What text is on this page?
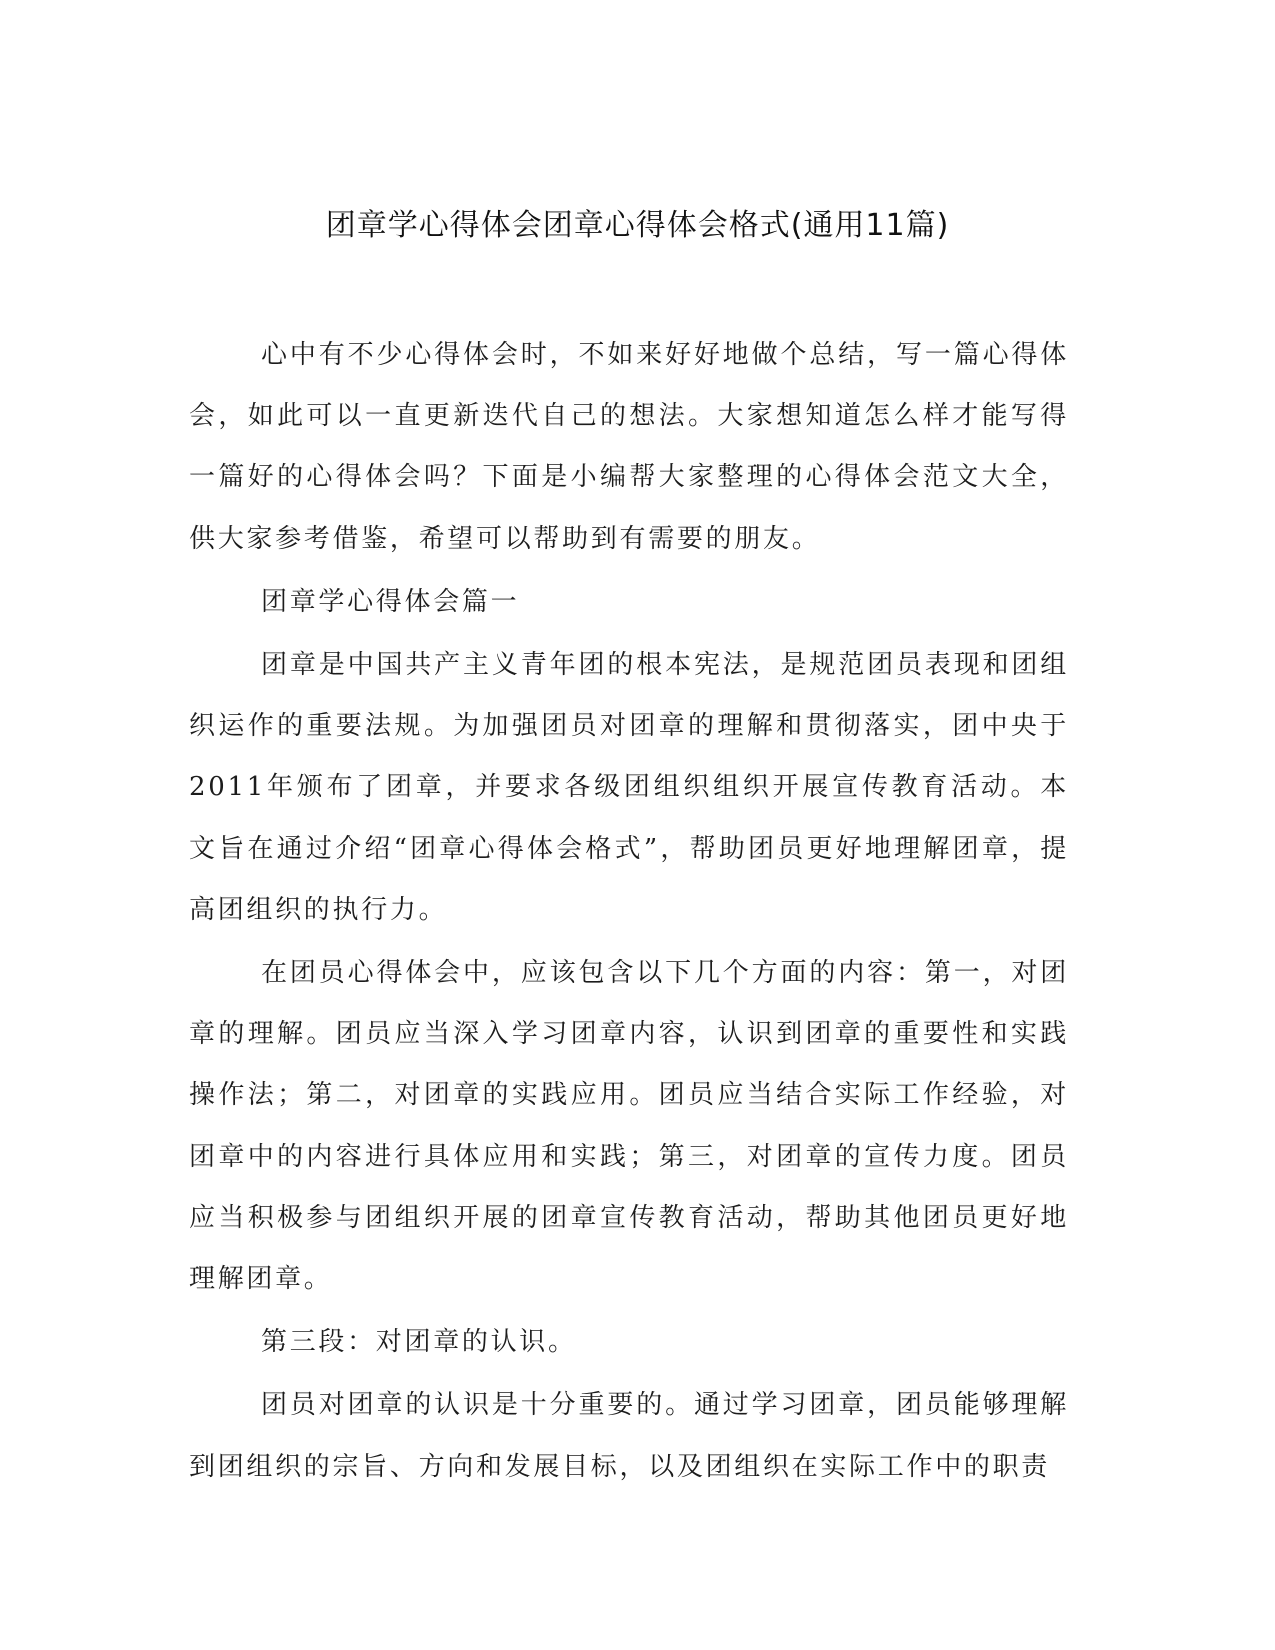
团章学心得体会团章心得体会格式(通用11篇)

心中有不少心得体会时，不如来好好地做个总结，写一篇心得体会，如此可以一直更新迭代自己的想法。大家想知道怎么样才能写得一篇好的心得体会吗？下面是小编帮大家整理的心得体会范文大全，供大家参考借鉴，希望可以帮助到有需要的朋友。

团章学心得体会篇一

团章是中国共产主义青年团的根本宪法，是规范团员表现和团组织运作的重要法规。为加强团员对团章的理解和贯彻落实，团中央于2011年颁布了团章，并要求各级团组织组织开展宣传教育活动。本文旨在通过介绍“团章心得体会格式”，帮助团员更好地理解团章，提高团组织的执行力。

在团员心得体会中，应该包含以下几个方面的内容：第一，对团章的理解。团员应当深入学习团章内容，认识到团章的重要性和实践操作法；第二，对团章的实践应用。团员应当结合实际工作经验，对团章中的内容进行具体应用和实践；第三，对团章的宣传力度。团员应当积极参与团组织开展的团章宣传教育活动，帮助其他团员更好地理解团章。

第三段：对团章的认识。

团员对团章的认识是十分重要的。通过学习团章，团员能够理解到团组织的宗旨、方向和发展目标，以及团组织在实际工作中的职责
